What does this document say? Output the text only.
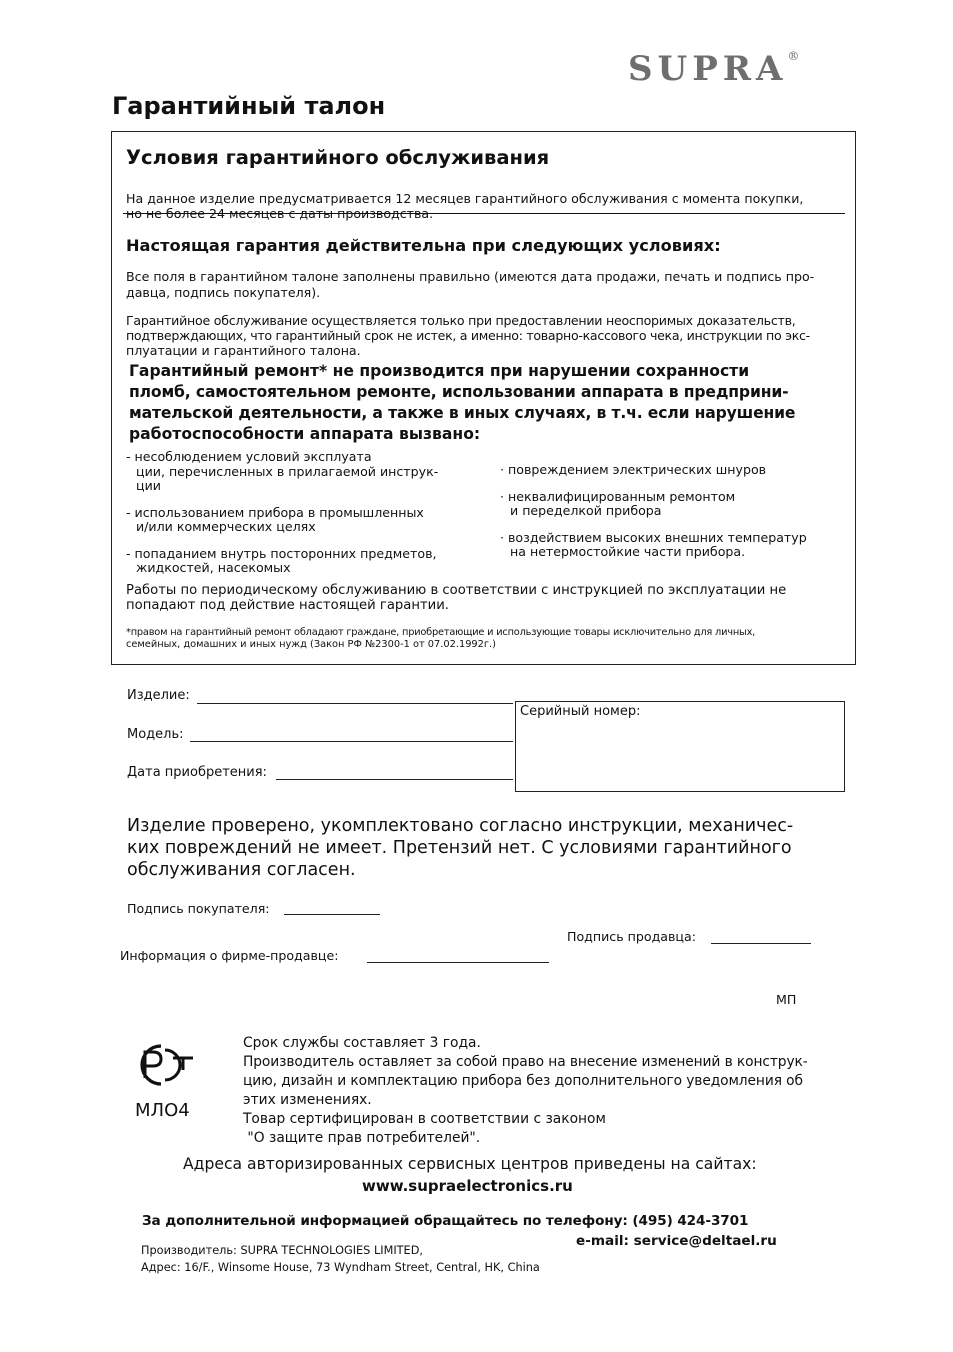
SUPRA®
Гарантийный талон
Условия гарантийного обслуживания
На данное изделие предусматривается 12 месяцев гарантийного обслуживания с момента покупки,
но не более 24 месяцев с даты производства.
Настоящая гарантия действительна при следующих условиях:
Все поля в гарантийном талоне заполнены правильно (имеются дата продажи, печать и подпись про-
давца, подпись покупателя).
Гарантийное обслуживание осуществляется только при предоставлении неоспоримых доказательств,
подтверждающих, что гарантийный срок не истек, а именно: товарно-кассового чека, инструкции по экс-
плуатации и гарантийного талона.
Гарантийный ремонт* не производится при нарушении сохранности
пломб, самостоятельном ремонте, использовании аппарата в предприни-
мательской деятельности, а также в иных случаях, в т.ч. если нарушение
работоспособности аппарата вызвано:
- несоблюдением условий эксплуата
ции, перечисленных в прилагаемой инструк-
ции
- использованием прибора в промышленных
и/или коммерческих целях
- попаданием внутрь посторонних предметов,
жидкостей, насекомых
· повреждением электрических шнуров
· неквалифицированным ремонтом
и переделкой прибора
· воздействием высоких внешних температур
на нетермостойкие части прибора.
Работы по периодическому обслуживанию в соответствии с инструкцией по эксплуатации не
попадают под действие настоящей гарантии.
*правом на гарантийный ремонт обладают граждане, приобретающие и использующие товары исключительно для личных,
семейных, домашних и иных нужд (Закон РФ №2300-1 от 07.02.1992г.)
Изделие:
Модель:
Дата приобретения:
Серийный номер:
Изделие проверено, укомплектовано согласно инструкции, механичес-
ких повреждений не имеет. Претензий нет. С условиями гарантийного
обслуживания согласен.
Подпись покупателя:
Подпись продавца:
Информация о фирме-продавце:
МП
МЛО4
Срок службы составляет 3 года.
Производитель оставляет за собой право на внесение изменений в конструк-
цию, дизайн и комплектацию прибора без дополнительного уведомления об
этих изменениях.
Товар сертифицирован в соответствии с законом
"О защите прав потребителей".
Адреса авторизированных сервисных центров приведены на сайтах:
www.supraelectronics.ru
За дополнительной информацией обращайтесь по телефону: (495) 424-3701
e-mail: service@deltael.ru
Производитель: SUPRA TECHNOLOGIES LIMITED,
Адрес: 16/F., Winsome House, 73 Wyndham Street, Central, HK, China
